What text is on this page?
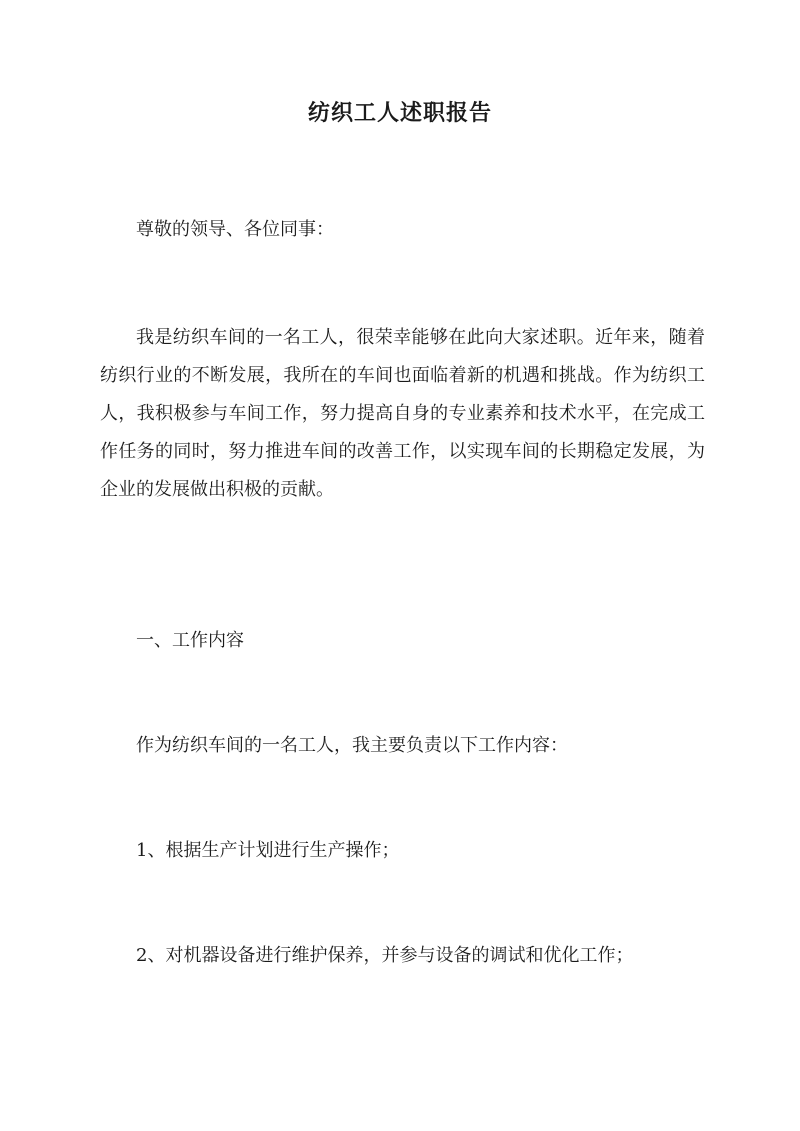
纺织工人述职报告

尊敬的领导、各位同事：

我是纺织车间的一名工人，很荣幸能够在此向大家述职。近年来，随着纺织行业的不断发展，我所在的车间也面临着新的机遇和挑战。作为纺织工人，我积极参与车间工作，努力提高自身的专业素养和技术水平，在完成工作任务的同时，努力推进车间的改善工作，以实现车间的长期稳定发展，为企业的发展做出积极的贡献。

一、工作内容

作为纺织车间的一名工人，我主要负责以下工作内容：

1、根据生产计划进行生产操作；

2、对机器设备进行维护保养，并参与设备的调试和优化工作；
